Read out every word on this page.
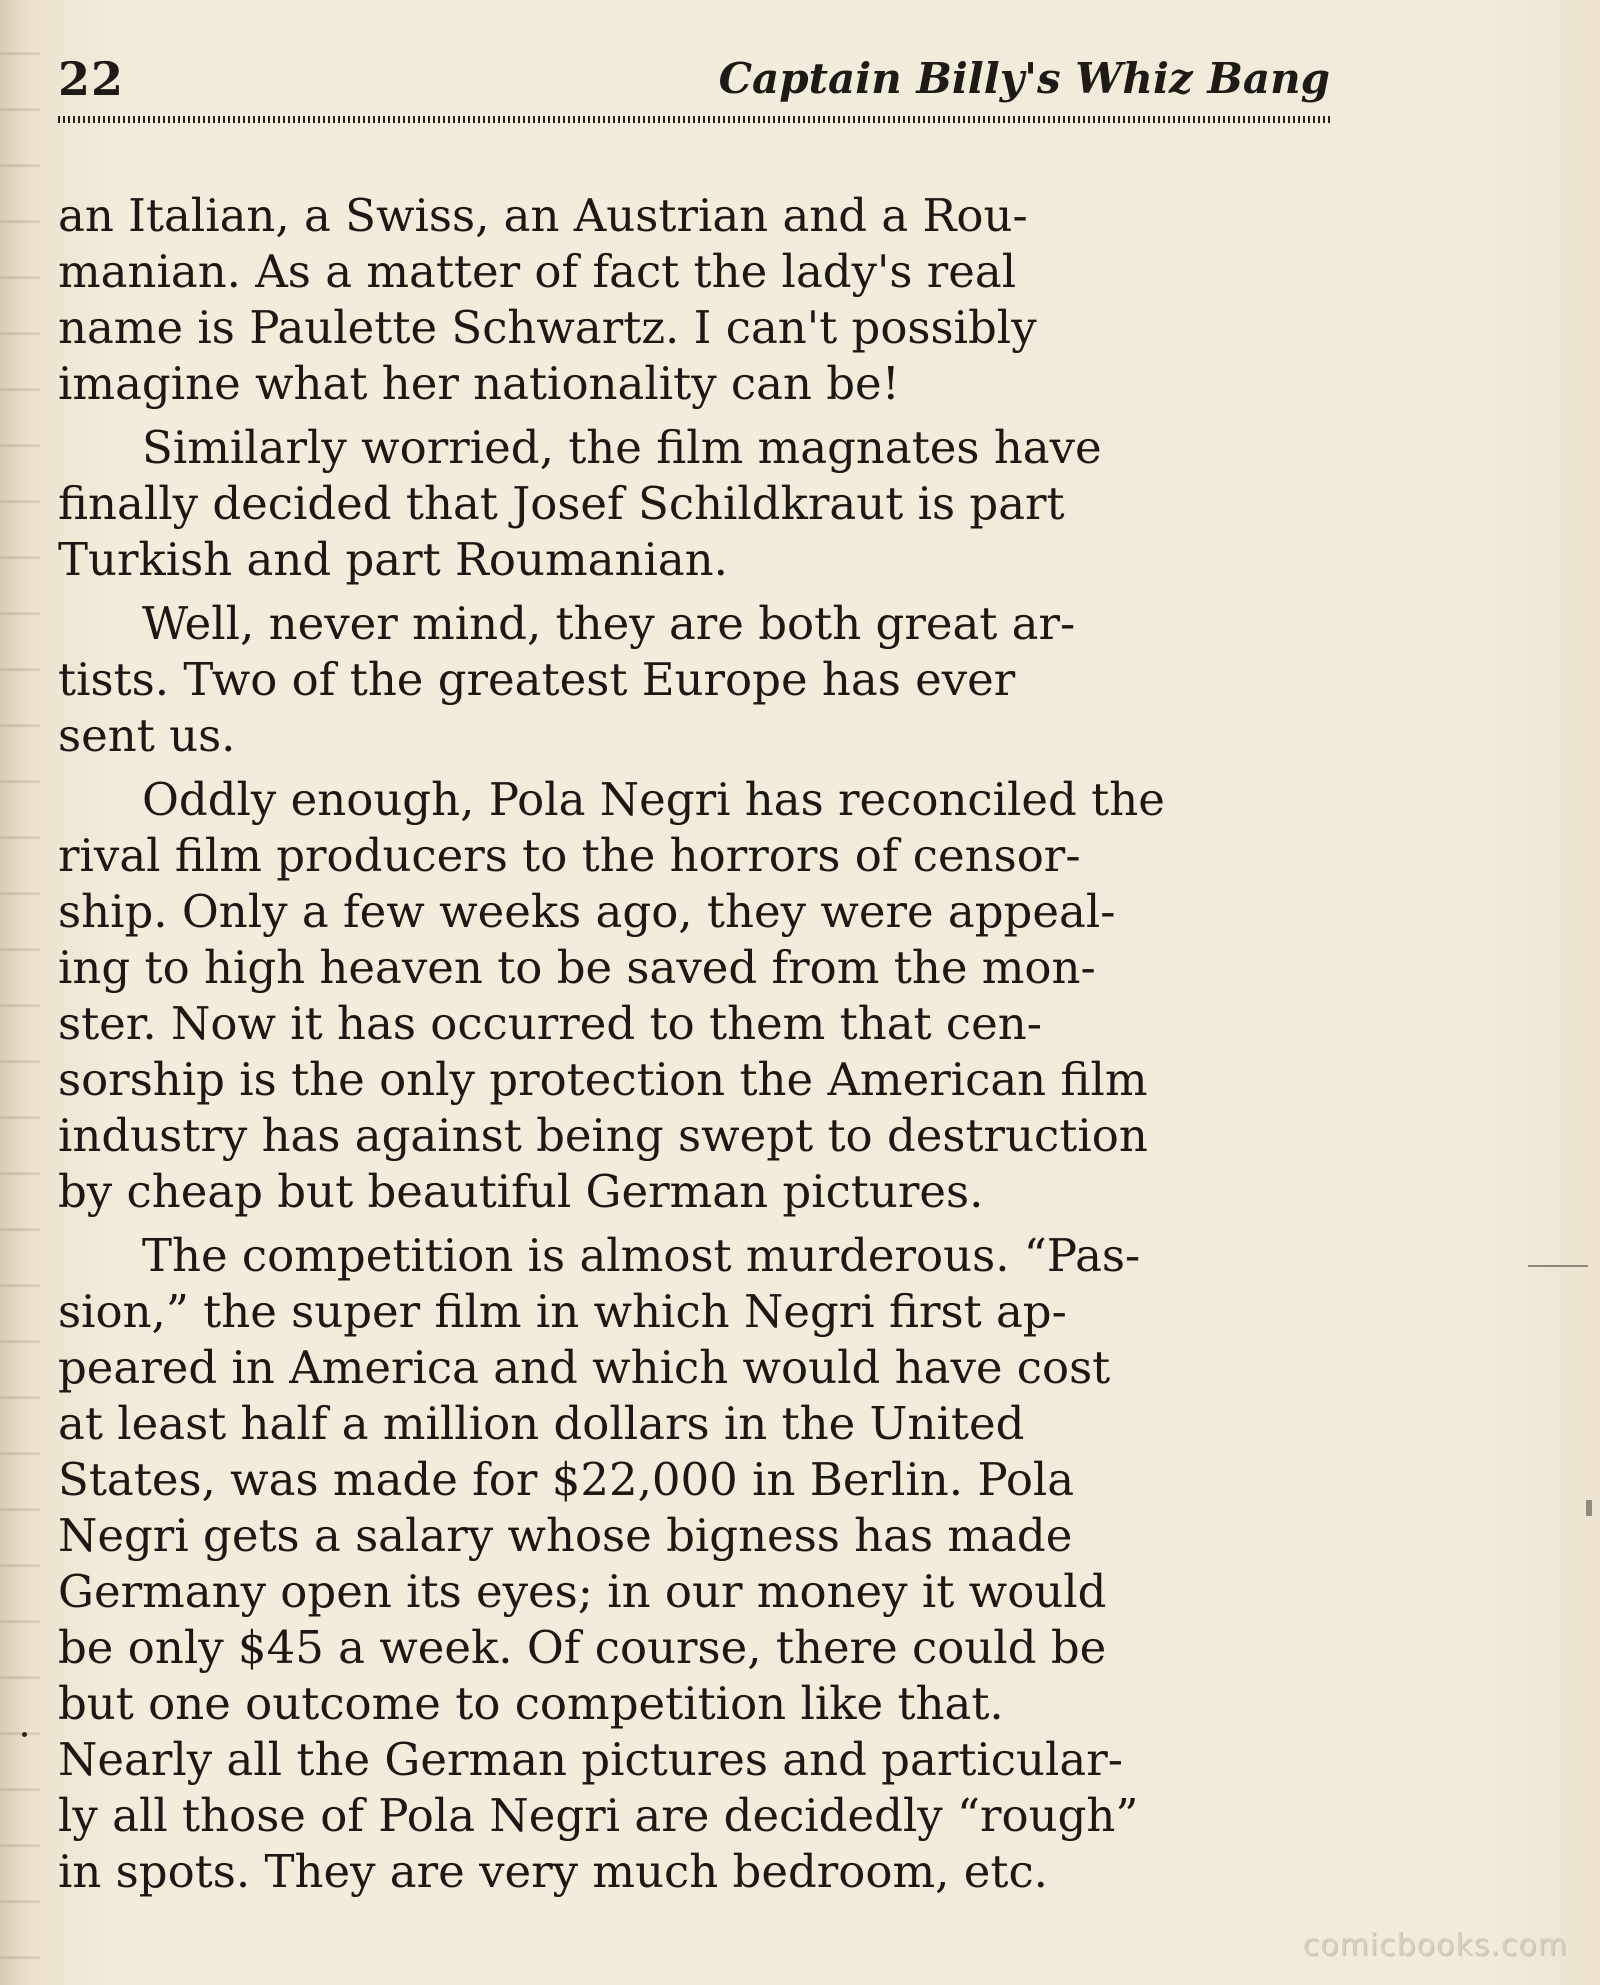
22	Captain Billy's Whiz Bang

an Italian, a Swiss, an Austrian and a Rou-
manian. As a matter of fact the lady's real
name is Paulette Schwartz. I can't possibly
imagine what her nationality can be!

Similarly worried, the film magnates have
finally decided that Josef Schildkraut is part
Turkish and part Roumanian.

Well, never mind, they are both great ar-
tists. Two of the greatest Europe has ever
sent us.

Oddly enough, Pola Negri has reconciled the
rival film producers to the horrors of censor-
ship. Only a few weeks ago, they were appeal-
ing to high heaven to be saved from the mon-
ster. Now it has occurred to them that cen-
sorship is the only protection the American film
industry has against being swept to destruction
by cheap but beautiful German pictures.

The competition is almost murderous. “Pas-
sion,” the super film in which Negri first ap-
peared in America and which would have cost
at least half a million dollars in the United
States, was made for $22,000 in Berlin. Pola
Negri gets a salary whose bigness has made
Germany open its eyes; in our money it would
be only $45 a week. Of course, there could be
but one outcome to competition like that.
Nearly all the German pictures and particular-
ly all those of Pola Negri are decidedly “rough”
in spots. They are very much bedroom, etc.

comicbooks.com
